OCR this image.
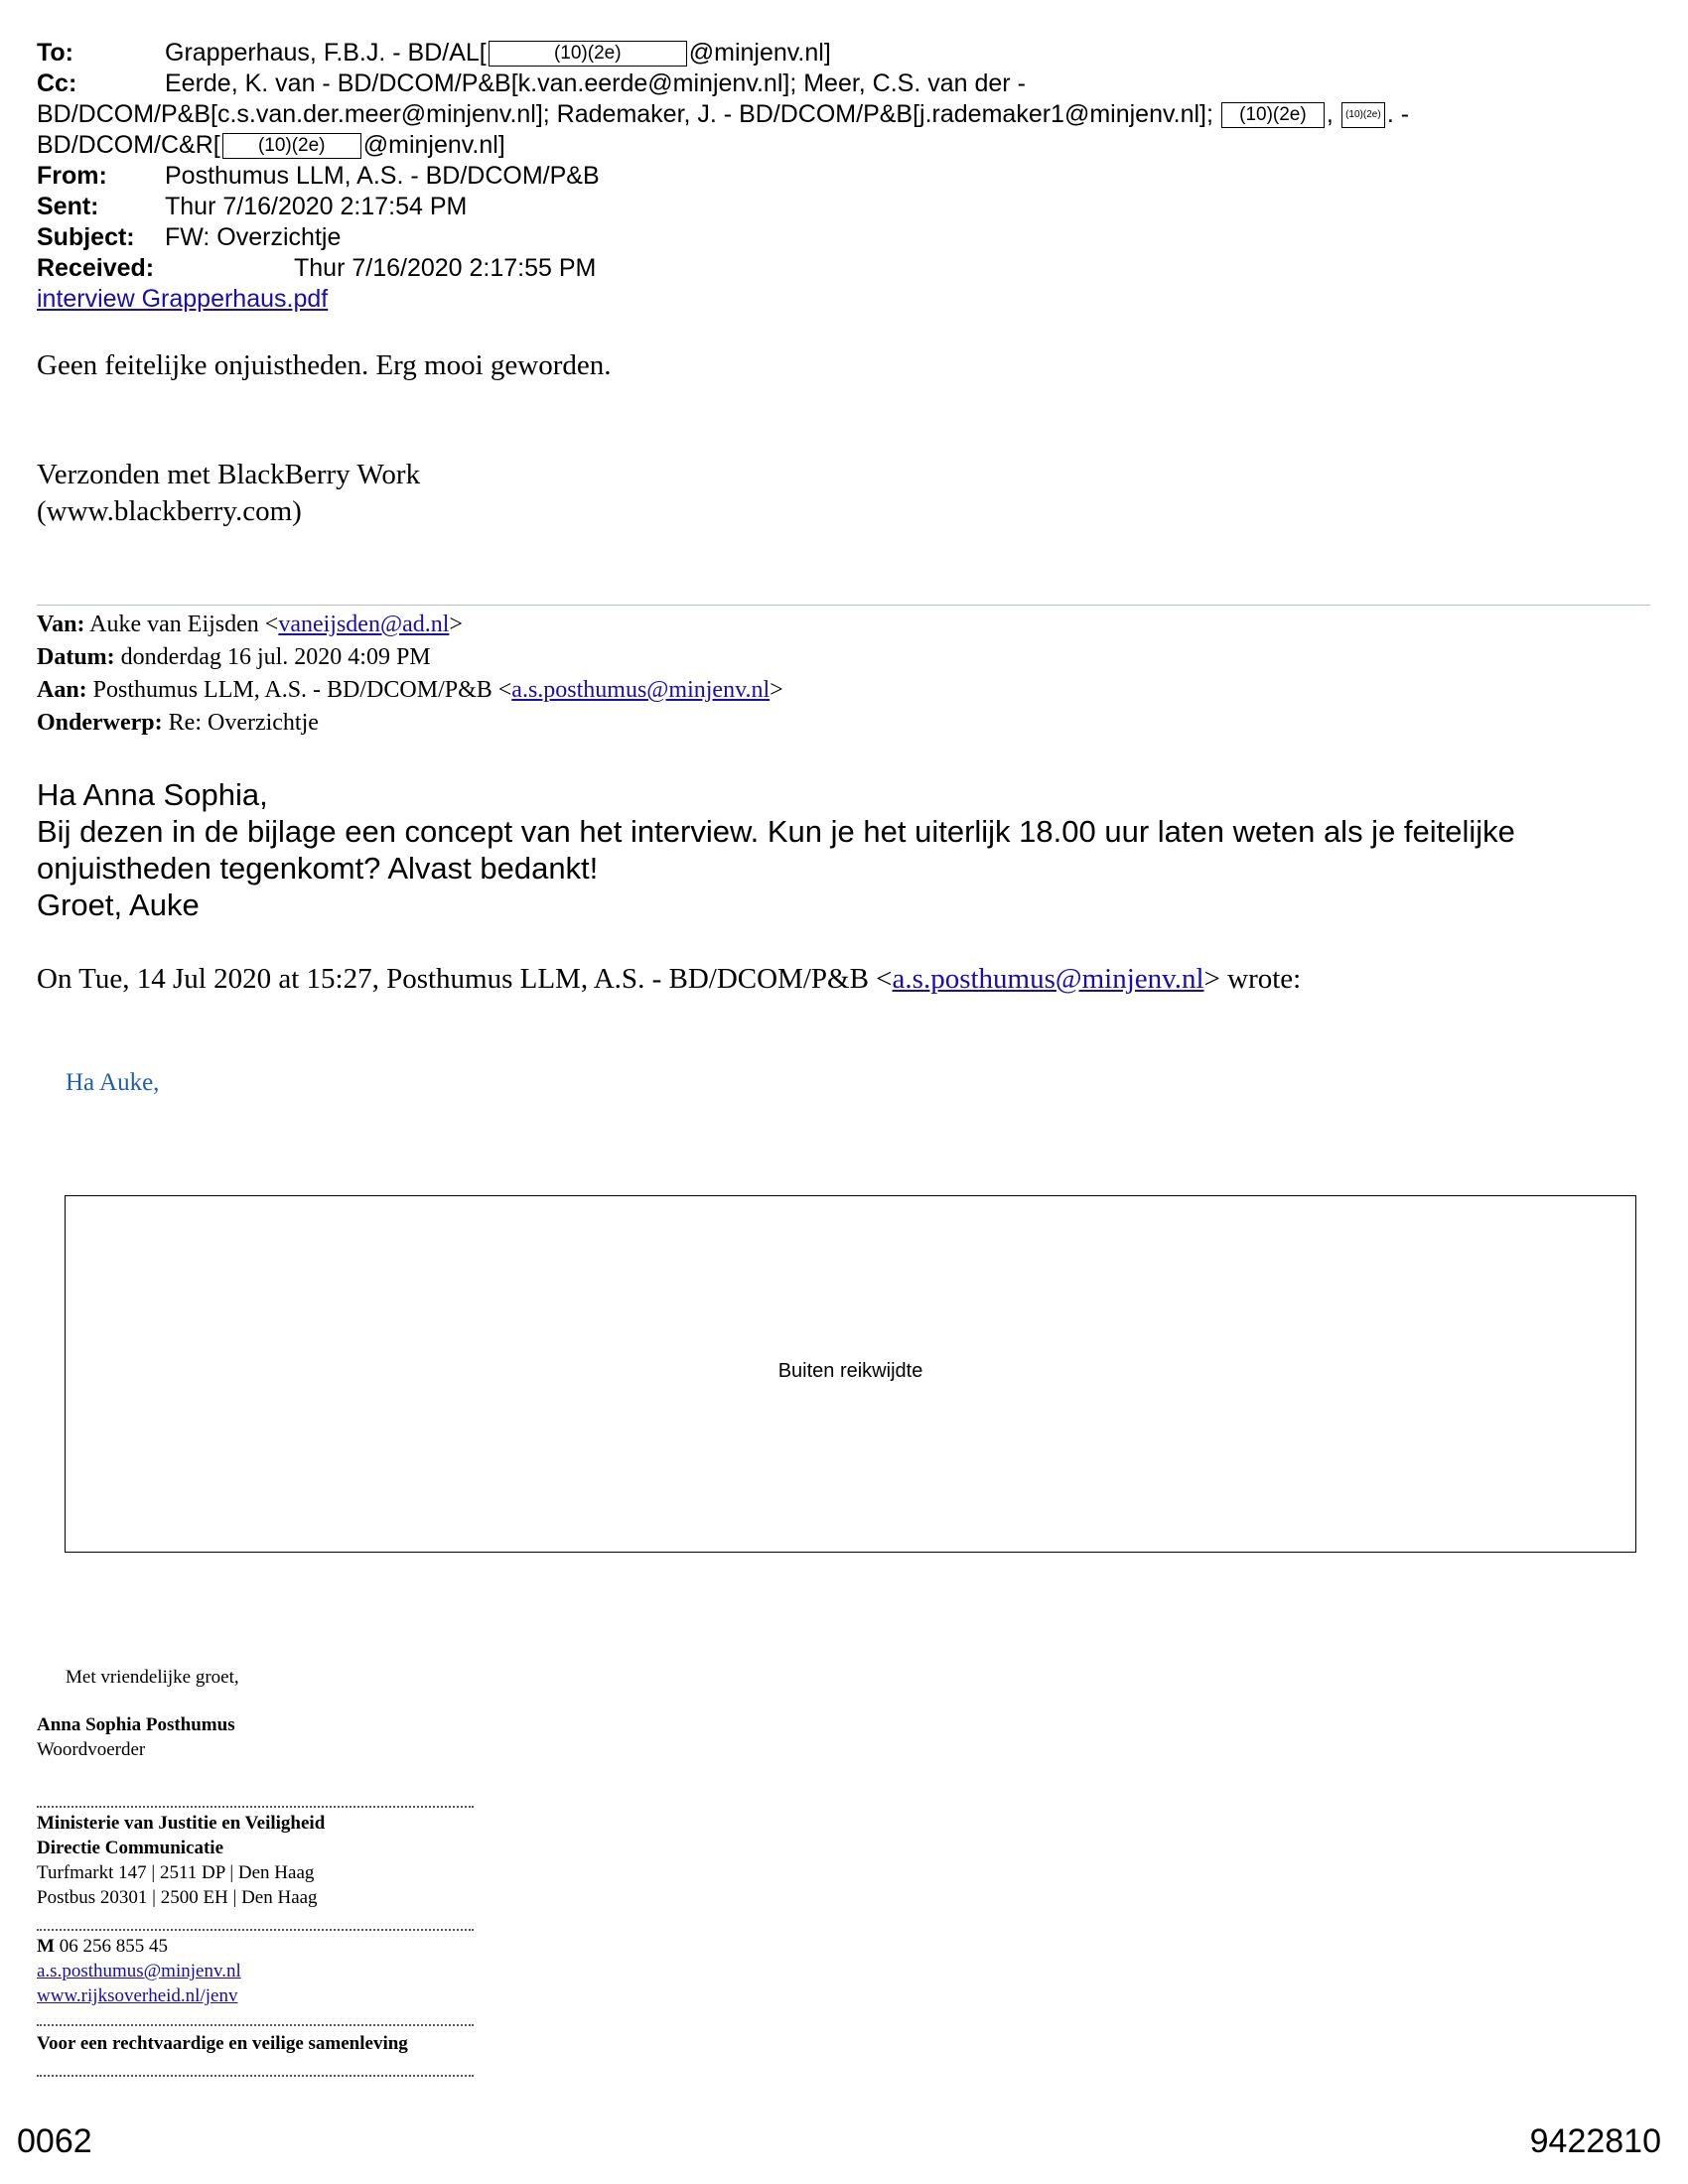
To:	Grapperhaus, F.B.J. - BD/AL[	(10)(2e)	@minjenv.nl]
Cc:	Eerde, K. van - BD/DCOM/P&B[k.van.eerde@minjenv.nl]; Meer, C.S. van der -
BD/DCOM/P&B[c.s.van.der.meer@minjenv.nl]; Rademaker, J. - BD/DCOM/P&B[j.rademaker1@minjenv.nl]; (10)(2e) , (10)(2e) . -
BD/DCOM/C&R[ (10)(2e) @minjenv.nl]
From: Posthumus LLM, A.S. - BD/DCOM/P&B
Sent:	Thur 7/16/2020 2:17:54 PM
Subject: FW: Overzichtje
Received:	Thur 7/16/2020 2:17:55 PM
interview Grapperhaus.pdf
Geen feitelijke onjuistheden. Erg mooi geworden.
Verzonden met BlackBerry Work
(www.blackberry.com)
Van: Auke van Eijsden <vaneijsden@ad.nl>
Datum: donderdag 16 jul. 2020 4:09 PM
Aan: Posthumus LLM, A.S. - BD/DCOM/P&B <a.s.posthumus@minjenv.nl>
Onderwerp: Re: Overzichtje
Ha Anna Sophia,
Bij dezen in de bijlage een concept van het interview. Kun je het uiterlijk 18.00 uur laten weten als je feitelijke
onjuistheden tegenkomt? Alvast bedankt!
Groet, Auke
On Tue, 14 Jul 2020 at 15:27, Posthumus LLM, A.S. - BD/DCOM/P&B <a.s.posthumus@minjenv.nl> wrote:
Ha Auke,
Buiten reikwijdte
Met vriendelijke groet,
Anna Sophia Posthumus
Woordvoerder
Ministerie van Justitie en Veiligheid
Directie Communicatie
Turfmarkt 147 | 2511 DP | Den Haag
Postbus 20301 | 2500 EH | Den Haag
M 06 256 855 45
a.s.posthumus@minjenv.nl
www.rijksoverheid.nl/jenv
Voor een rechtvaardige en veilige samenleving
0062	9422810
